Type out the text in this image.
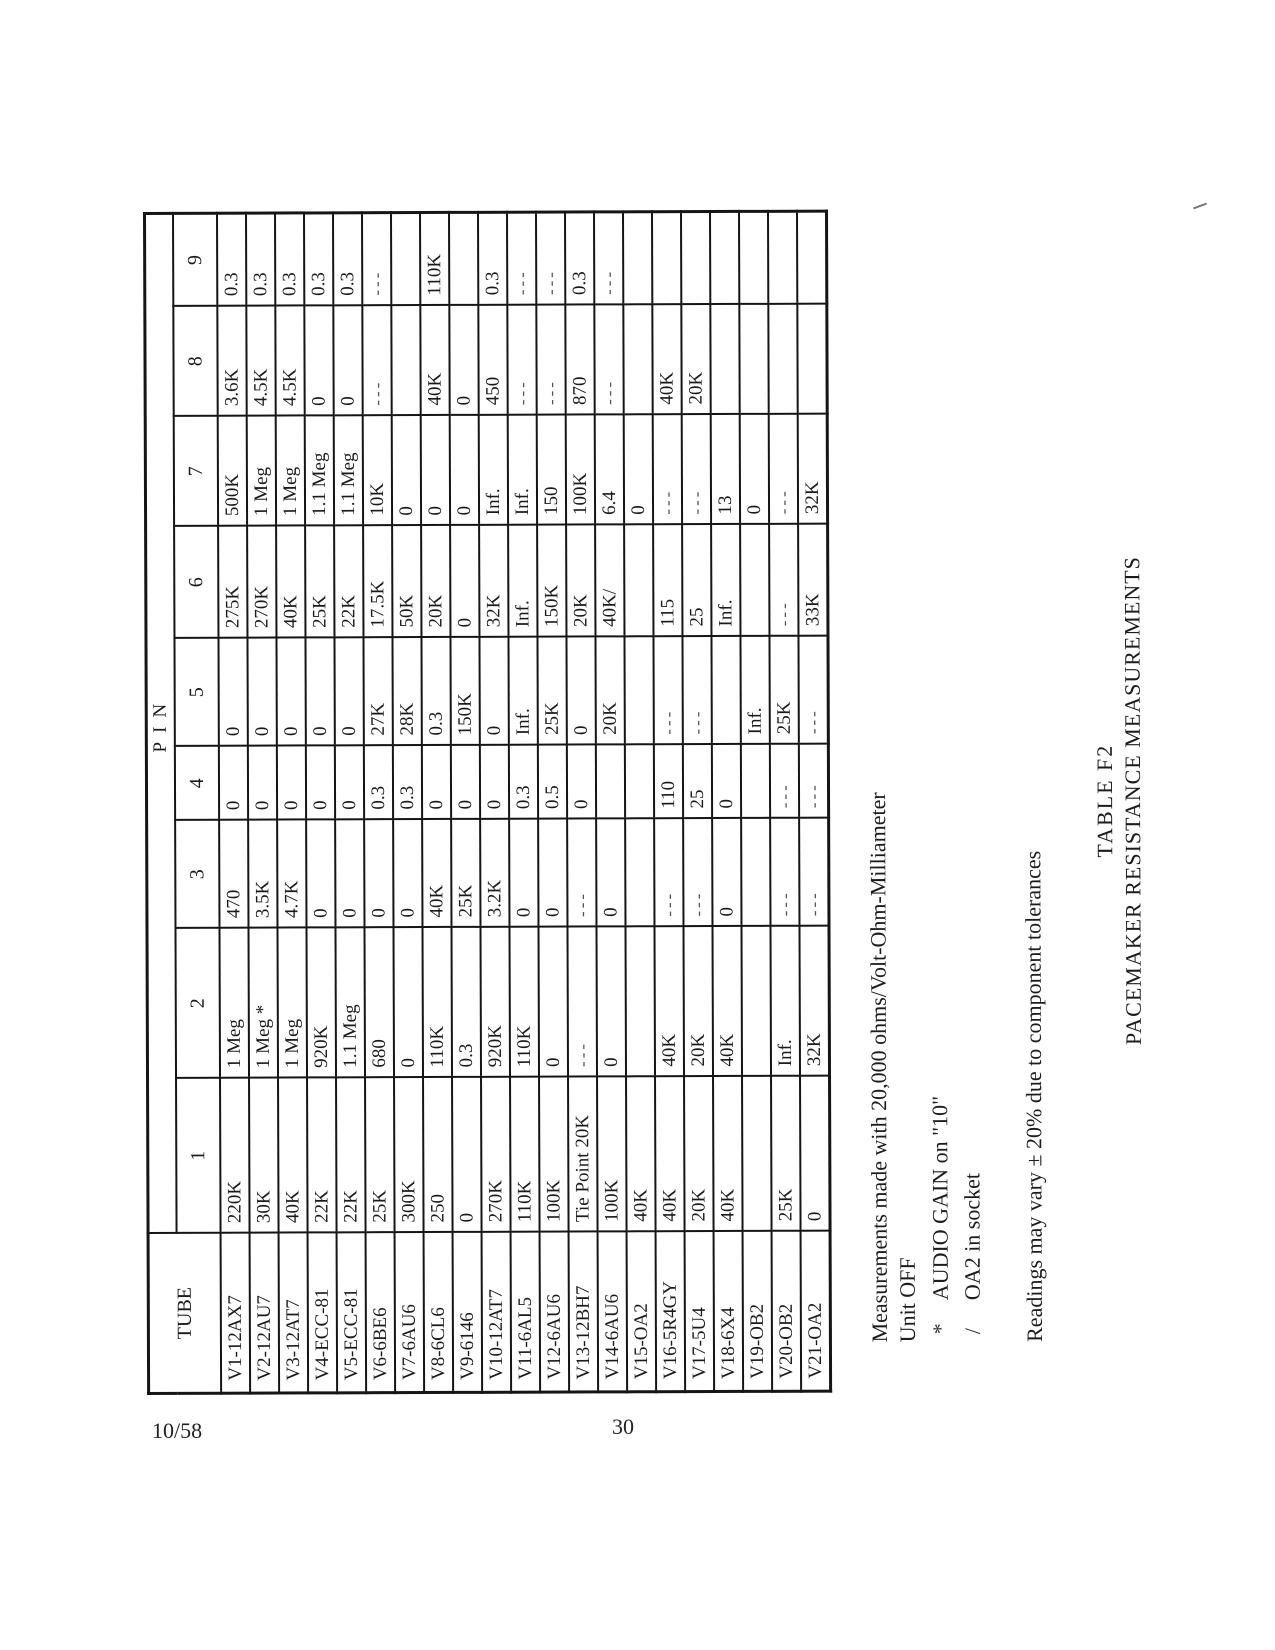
TUBE	PIN								
	1	2	3	4	5	6	7	8	9
V1-12AX7	220K	1 Meg	470	0	0	275K	500K	3.6K	0.3
V2-12AU7	30K	1 Meg *	3.5K	0	0	270K	1 Meg	4.5K	0.3
V3-12AT7	40K	1 Meg	4.7K	0	0	40K	1 Meg	4.5K	0.3
V4-ECC-81	22K	920K	0	0	0	25K	1.1 Meg	0	0.3
V5-ECC-81	22K	1.1 Meg	0	0	0	22K	1.1 Meg	0	0.3
V6-6BE6	25K	680	0	0.3	27K	17.5K	10K	---	---
V7-6AU6	300K	0	0	0.3	28K	50K	0		
V8-6CL6	250	110K	40K	0	0.3	20K	0	40K	110K
V9-6146	0	0.3	25K	0	150K	0	0	0	
V10-12AT7	270K	920K	3.2K	0	0	32K	Inf.	450	0.3
V11-6AL5	110K	110K	0	0.3	Inf.	Inf.	Inf.	---	---
V12-6AU6	100K	0	0	0.5	25K	150K	150	---	---
V13-12BH7	Tie Point 20K	---	---	0	0	20K	100K	870	0.3
V14-6AU6	100K	0	0		20K	40K/	6.4	---	---
V15-OA2	40K						0		
V16-5R4GY	40K	40K	---	110	---	115	---	40K	
V17-5U4	20K	20K	---	25	---	25	---	20K	
V18-6X4	40K	40K	0	0		Inf.	13		
V19-OB2					Inf.		0		
V20-OB2	25K	Inf.	---	---	25K	---	---		
V21-OA2	0	32K	---	---	---	33K	32K		
Measurements made with 20,000 ohms/Volt-Ohm-Milliameter Unit OFF *AUDIO GAIN on "10"
/OA2 in socket Readings may vary ± 20% due to component tolerances
TABLE F2 PACEMAKER RESISTANCE MEASUREMENTS
10/58	30
